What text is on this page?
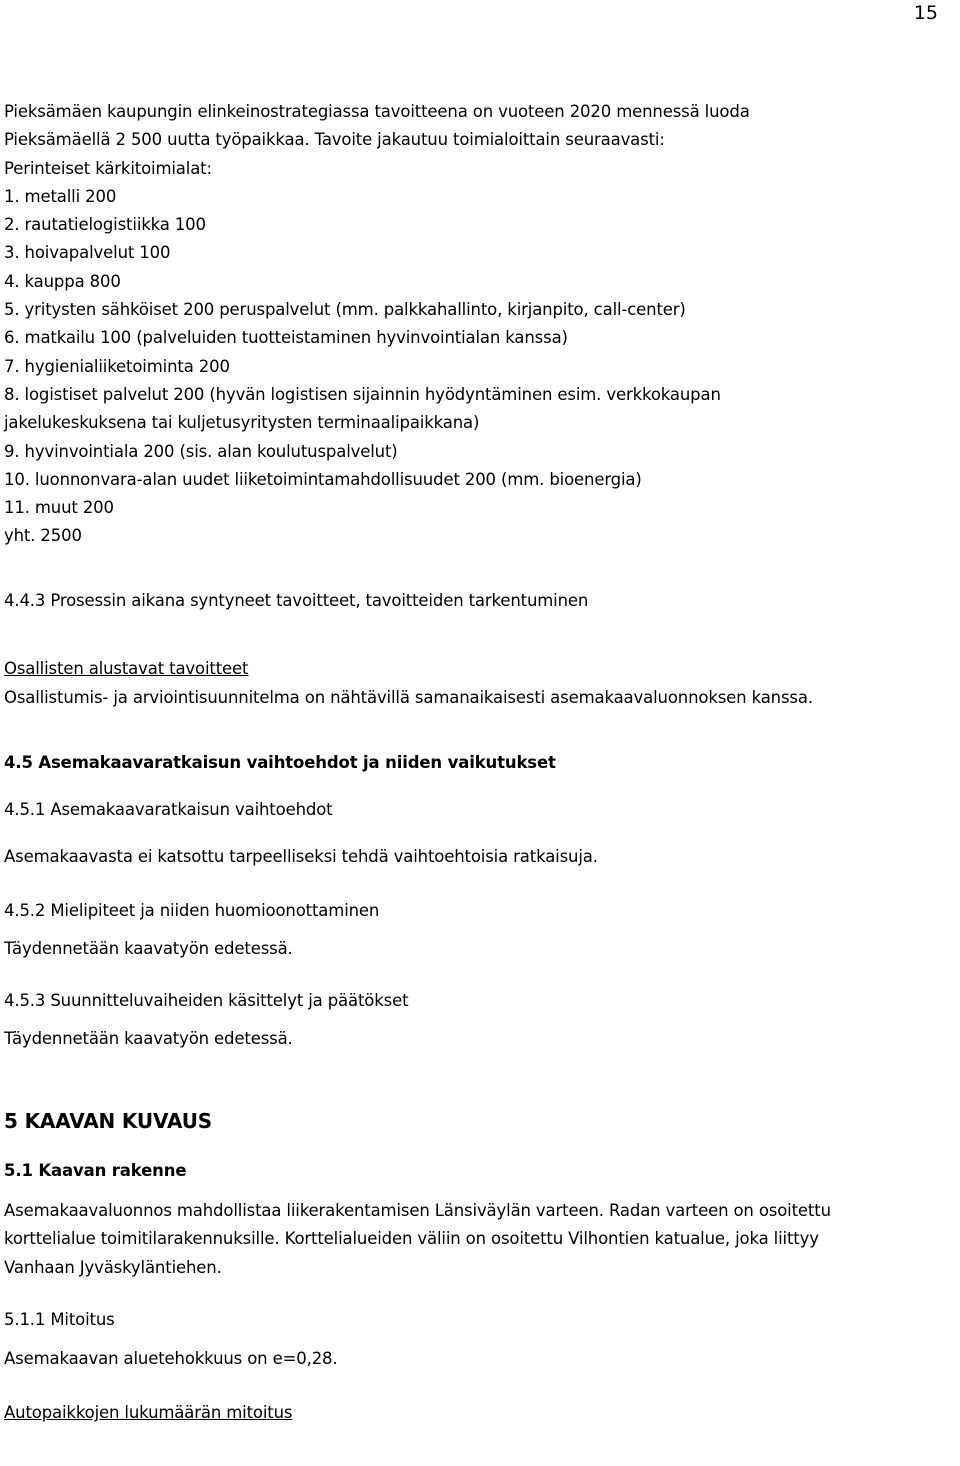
15

Pieksämäen kaupungin elinkeinostrategiassa tavoitteena on vuoteen 2020 mennessä luoda

Pieksämäellä 2 500 uutta työpaikkaa. Tavoite jakautuu toimialoittain seuraavasti:

Perinteiset kärkitoimialat:

1. metalli 200

2. rautatielogistiikka 100

3. hoivapalvelut 100

4. kauppa 800

5. yritysten sähköiset 200 peruspalvelut (mm. palkkahallinto, kirjanpito, call-center)

6. matkailu 100 (palveluiden tuotteistaminen hyvinvointialan kanssa)

7. hygienialiiketoiminta 200

8. logistiset palvelut 200 (hyvän logistisen sijainnin hyödyntäminen esim. verkkokaupan

jakelukeskuksena tai kuljetusyritysten terminaalipaikkana)

9. hyvinvointiala 200 (sis. alan koulutuspalvelut)

10. luonnonvara-alan uudet liiketoimintamahdollisuudet 200 (mm. bioenergia)

11. muut 200

yht. 2500

4.4.3 Prosessin aikana syntyneet tavoitteet, tavoitteiden tarkentuminen

Osallisten alustavat tavoitteet

Osallistumis- ja arviointisuunnitelma on nähtävillä samanaikaisesti asemakaavaluonnoksen kanssa.

4.5 Asemakaavaratkaisun vaihtoehdot ja niiden vaikutukset

4.5.1 Asemakaavaratkaisun vaihtoehdot

Asemakaavasta ei katsottu tarpeelliseksi tehdä vaihtoehtoisia ratkaisuja.

4.5.2 Mielipiteet ja niiden huomioonottaminen

Täydennetään kaavatyön edetessä.

4.5.3 Suunnitteluvaiheiden käsittelyt ja päätökset

Täydennetään kaavatyön edetessä.

5 KAAVAN KUVAUS

5.1 Kaavan rakenne

Asemakaavaluonnos mahdollistaa liikerakentamisen Länsiväylän varteen. Radan varteen on osoitettu

korttelialue toimitilarakennuksille. Korttelialueiden väliin on osoitettu Vilhontien katualue, joka liittyy

Vanhaan Jyväskyläntiehen.

5.1.1 Mitoitus

Asemakaavan aluetehokkuus on e=0,28.

Autopaikkojen lukumäärän mitoitus
